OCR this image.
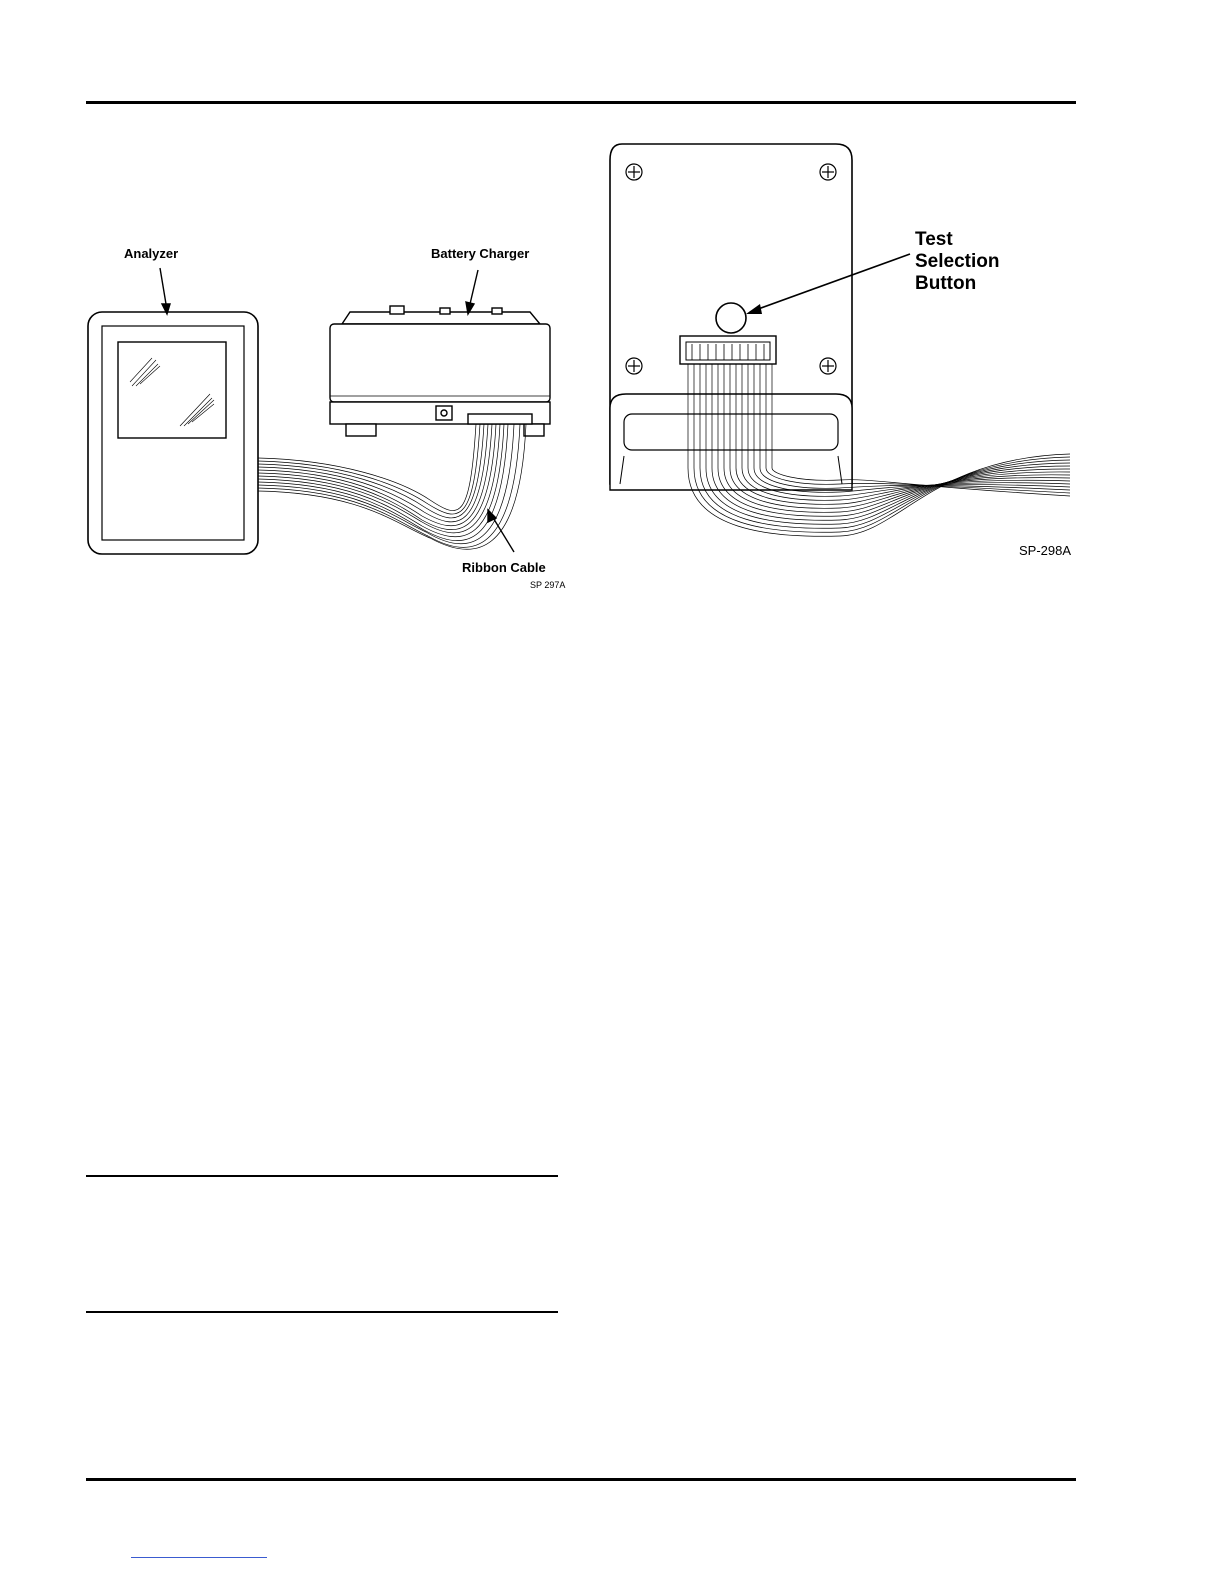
Analyzer	Battery Charger
Ribbon Cable
SP 297A
Test
Selection
Button
SP-298A
